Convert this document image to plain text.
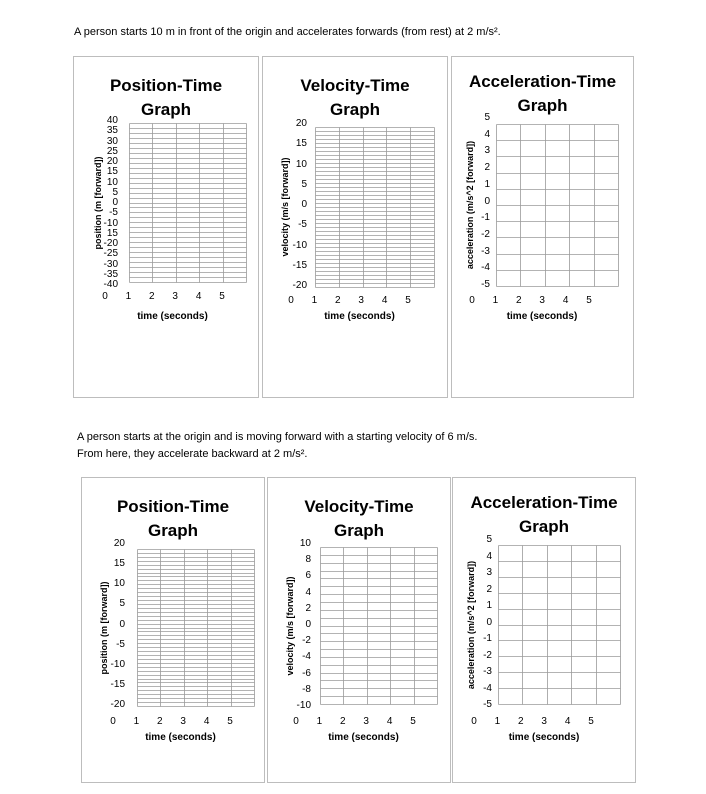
A person starts 10 m in front of the origin and accelerates forwards (from rest) at 2 m/s².
A person starts at the origin and is moving forward with a starting velocity of 6 m/s.
From here, they accelerate backward at 2 m/s².
Position-Time
Graph
40
35
30
25
20
15
10
5
0
-5
-10
15
-20
-25
-30
-35
-40
0	1	2	3	4	5
time (seconds)
position (m [forward])
Velocity-Time
Graph
20
15
10
5
0
-5
-10
-15
-20
0	1	2	3	4	5
time (seconds)
velocity (m/s [forward])
Acceleration-Time
Graph
5
4
3
2
1
0
-1
-2
-3
-4
-5
0	1	2	3	4	5
time (seconds)
acceleration (m/s^2 [forward])
Position-Time
Graph
20
15
10
5
0
-5
-10
-15
-20
0	1	2	3	4	5
time (seconds)
position (m [forward])
Velocity-Time
Graph
10
8
6
4
2
0
-2
-4
-6
-8
-10
0	1	2	3	4	5
time (seconds)
velocity (m/s [forward])
Acceleration-Time
Graph
5
4
3
2
1
0
-1
-2
-3
-4
-5
0	1	2	3	4	5
time (seconds)
acceleration (m/s^2 [forward])
